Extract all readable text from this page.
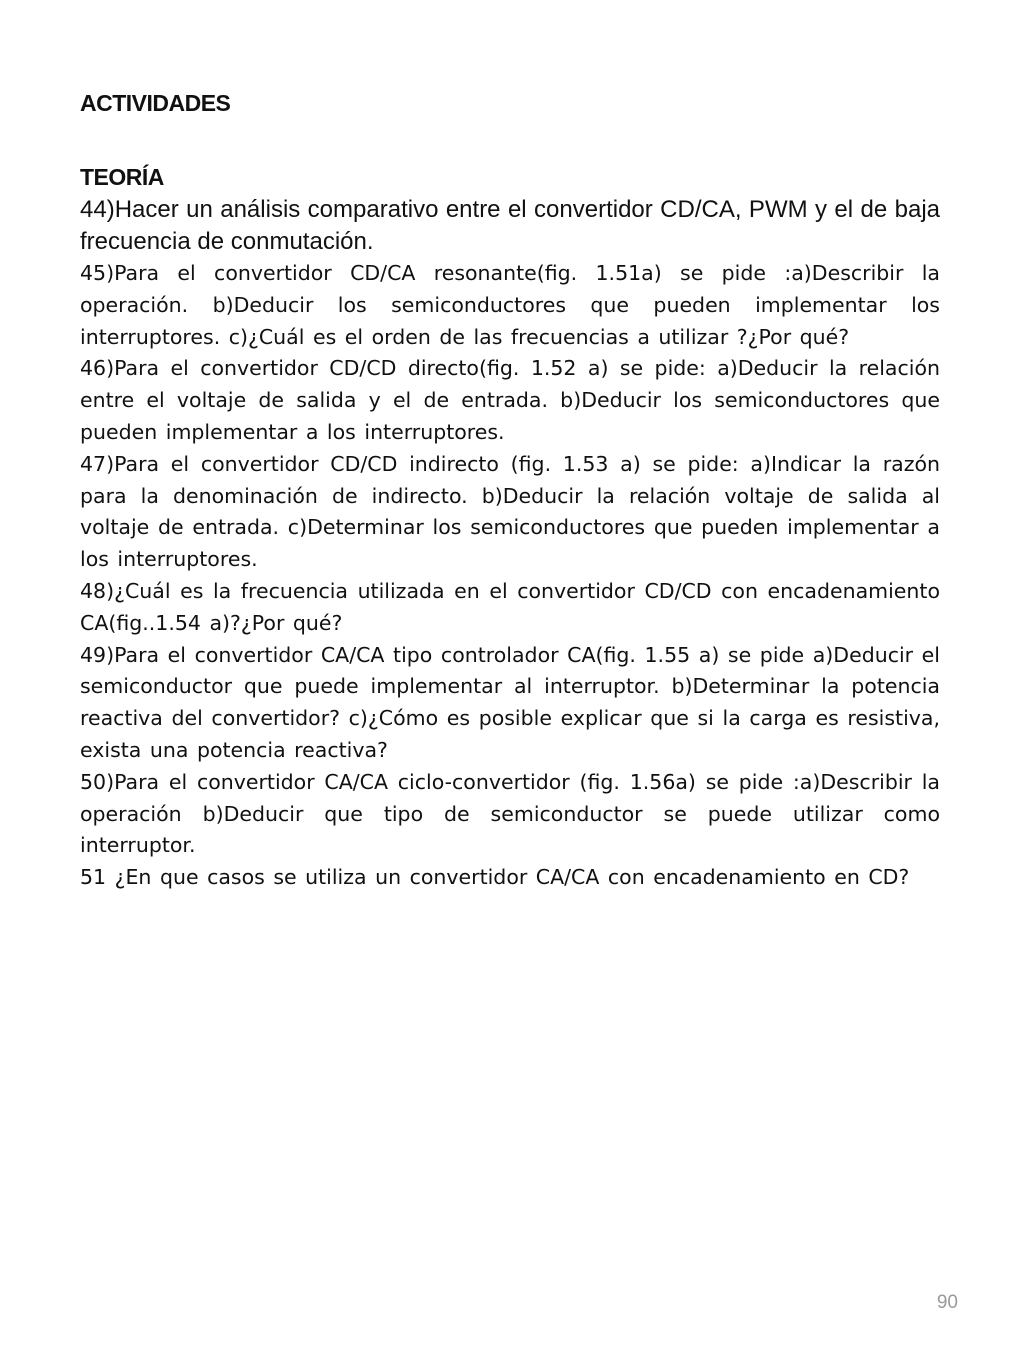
ACTIVIDADES
TEORÍA

44)Hacer un análisis comparativo entre el convertidor CD/CA, PWM y el de baja frecuencia de conmutación.

45)Para el convertidor CD/CA resonante(fig. 1.51a) se pide :a)Describir la operación. b)Deducir los semiconductores que pueden implementar los interruptores. c)¿Cuál es el orden de las frecuencias a utilizar ?¿Por qué?

46)Para el convertidor CD/CD directo(fig. 1.52 a) se pide: a)Deducir la relación entre el voltaje de salida y el de entrada. b)Deducir los semiconductores que pueden implementar a los interruptores.

47)Para el convertidor CD/CD indirecto (fig. 1.53 a) se pide: a)Indicar la razón para la denominación de indirecto. b)Deducir la relación voltaje de salida al voltaje de entrada. c)Determinar los semiconductores que pueden implementar a los interruptores.

48)¿Cuál es la frecuencia utilizada en el convertidor CD/CD con encadenamiento CA(fig..1.54 a)?¿Por qué?

49)Para el convertidor CA/CA tipo controlador CA(fig. 1.55 a) se pide a)Deducir el semiconductor que puede implementar al interruptor. b)Determinar la potencia reactiva del convertidor? c)¿Cómo es posible explicar que si la carga es resistiva, exista una potencia reactiva?

50)Para el convertidor CA/CA ciclo-convertidor (fig. 1.56a) se pide :a)Describir la operación b)Deducir que tipo de semiconductor se puede utilizar como interruptor.

51 ¿En que casos se utiliza un convertidor CA/CA con encadenamiento en CD?

90
